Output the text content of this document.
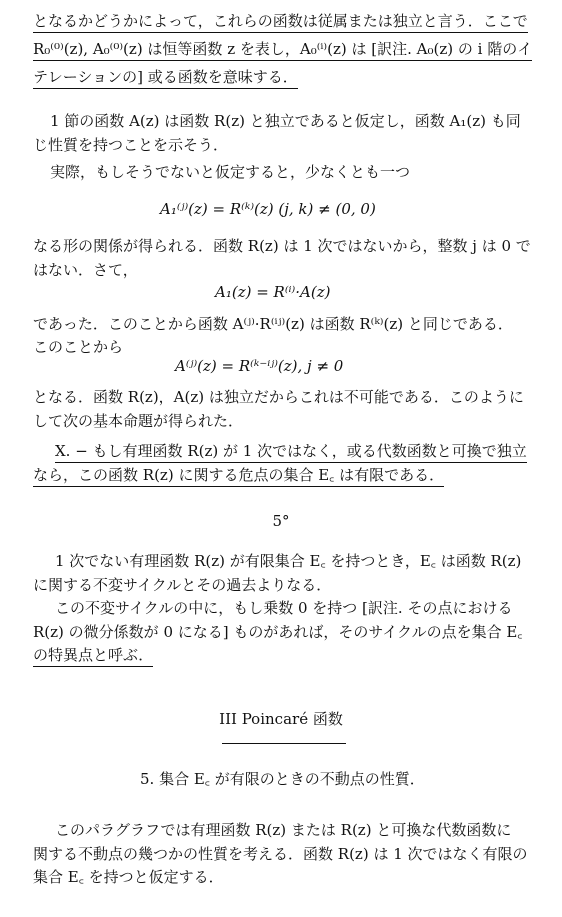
となるかどうかによって，これらの函数は従属または独立と言う．ここで
R₀⁽⁰⁾(z), A₀⁽⁰⁾(z) は恒等函数 z を表し，A₀⁽ⁱ⁾(z) は [訳注. A₀(z) の i 階のイ
テレーションの] 或る函数を意味する．
1 節の函数 A(z) は函数 R(z) と独立であると仮定し，函数 A₁(z) も同
じ性質を持つことを示そう．
実際，もしそうでないと仮定すると，少なくとも一つ
A₁⁽ʲ⁾(z) = R⁽ᵏ⁾(z) (j, k) ≠ (0, 0)
なる形の関係が得られる．函数 R(z) は 1 次ではないから，整数 j は 0 で
はない．さて，
A₁(z) = R⁽ⁱ⁾·A(z)
であった．このことから函数 A⁽ʲ⁾·R⁽ⁱʲ⁾(z) は函数 R⁽ᵏ⁾(z) と同じである．
このことから
A⁽ʲ⁾(z) = R⁽ᵏ⁻ⁱʲ⁾(z), j ≠ 0
となる．函数 R(z)，A(z) は独立だからこれは不可能である．このように
して次の基本命題が得られた．
X. − もし有理函数 R(z) が 1 次ではなく，或る代数函数と可換で独立
なら，この函数 R(z) に関する危点の集合 E꜀ は有限である．
5°
1 次でない有理函数 R(z) が有限集合 E꜀ を持つとき，E꜀ は函数 R(z)
に関する不変サイクルとその過去よりなる．
この不変サイクルの中に，もし乗数 0 を持つ [訳注. その点における
R(z) の微分係数が 0 になる] ものがあれば，そのサイクルの点を集合 E꜀
の特異点と呼ぶ．
III Poincaré 函数
5. 集合 E꜀ が有限のときの不動点の性質．
このパラグラフでは有理函数 R(z) または R(z) と可換な代数函数に
関する不動点の幾つかの性質を考える．函数 R(z) は 1 次ではなく有限の
集合 E꜀ を持つと仮定する．
